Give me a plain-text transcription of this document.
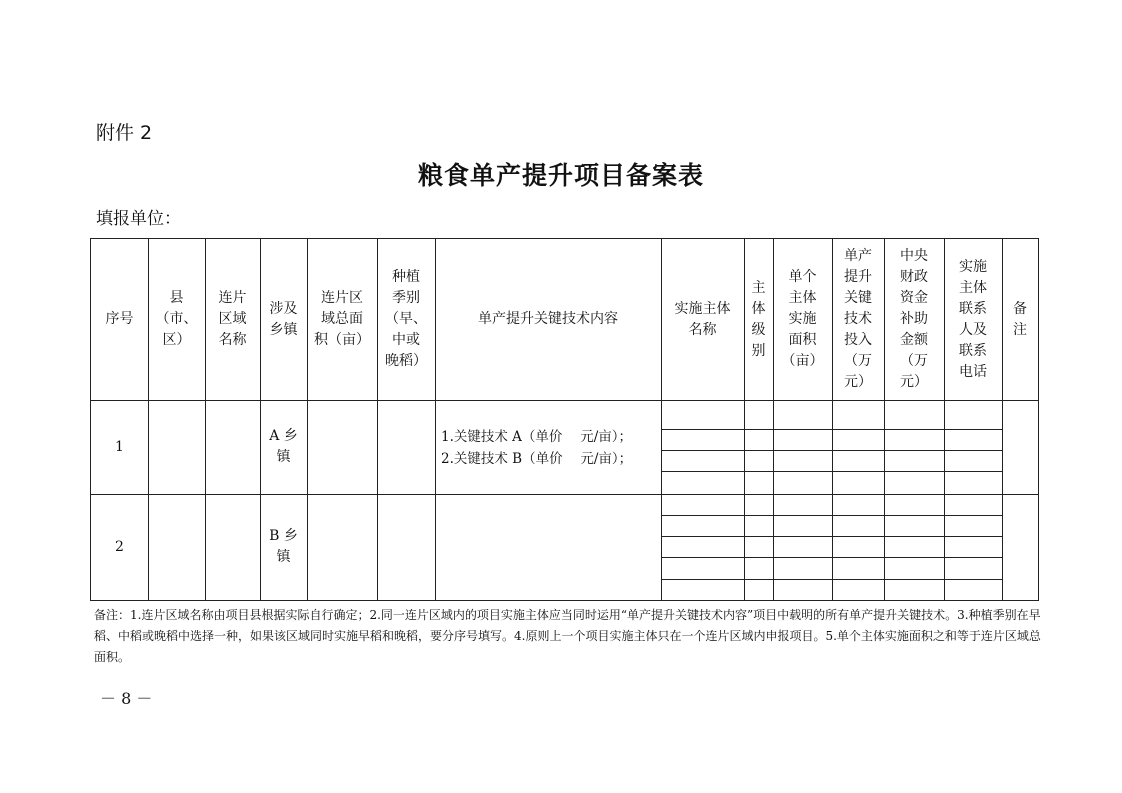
附件 2
粮食单产提升项目备案表
填报单位：
序号
县
（市、
区）
连片
区域
名称
涉及
乡镇
连片区
域总面
积（亩）
种植
季别
（早、
中或
晚稻）
单产提升关键技术内容
实施主体
名称
主
体
级
别
单个
主体
实施
面积
（亩）
单产
提升
关键
技术
投入
（万
元）
中央
财政
资金
补助
金额
（万
元）
实施
主体
联系
人及
联系
电话
备
注
1
A 乡
镇
2
B 乡
镇
1.关键技术 A（单价　 元/亩）；
2.关键技术 B（单价　 元/亩）；
备注：1.连片区域名称由项目县根据实际自行确定；2.同一连片区域内的项目实施主体应当同时运用“单产提升关键技术内容”项目中载明的所有单产提升关键技术。3.种植季别在早稻、中稻或晚稻中选择一种，如果该区域同时实施早稻和晚稻，要分序号填写。4.原则上一个项目实施主体只在一个连片区域内申报项目。5.单个主体实施面积之和等于连片区域总面积。
－ 8 －
